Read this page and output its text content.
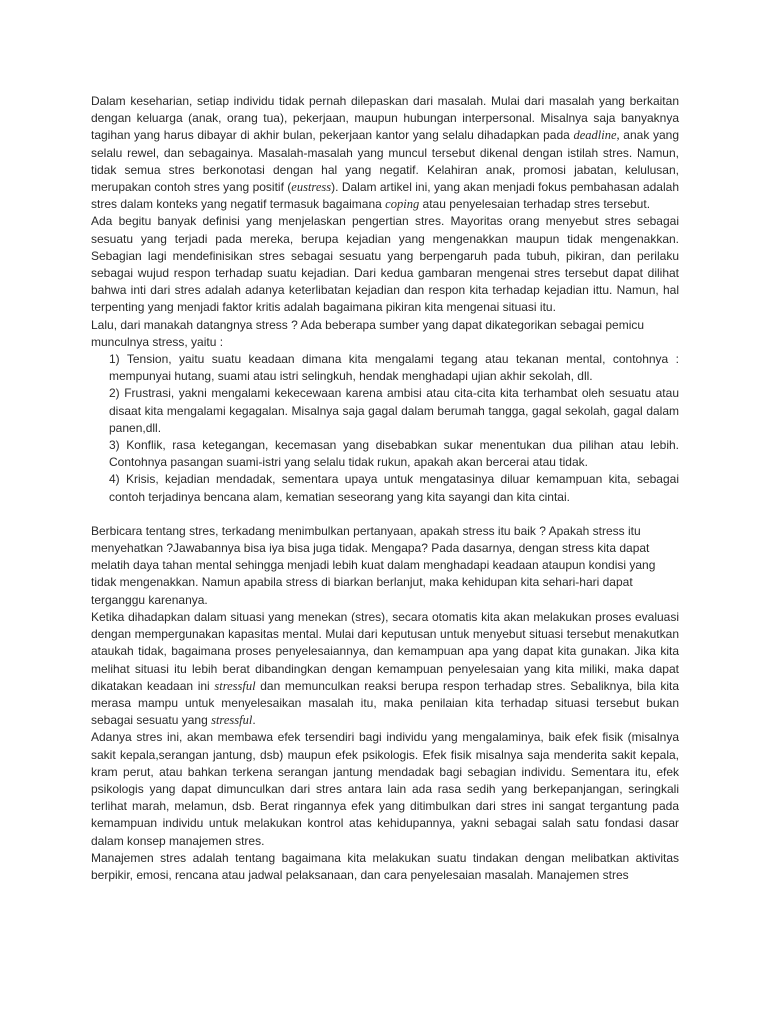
Dalam keseharian, setiap individu tidak pernah dilepaskan dari masalah. Mulai dari masalah yang berkaitan dengan keluarga (anak, orang tua), pekerjaan, maupun hubungan interpersonal. Misalnya saja banyaknya tagihan yang harus dibayar di akhir bulan, pekerjaan kantor yang selalu dihadapkan pada deadline, anak yang selalu rewel, dan sebagainya. Masalah-masalah yang muncul tersebut dikenal dengan istilah stres. Namun, tidak semua stres berkonotasi dengan hal yang negatif. Kelahiran anak, promosi jabatan, kelulusan, merupakan contoh stres yang positif (eustress). Dalam artikel ini, yang akan menjadi fokus pembahasan adalah stres dalam konteks yang negatif termasuk bagaimana coping atau penyelesaian terhadap stres tersebut.

Ada begitu banyak definisi yang menjelaskan pengertian stres. Mayoritas orang menyebut stres sebagai sesuatu yang terjadi pada mereka, berupa kejadian yang mengenakkan maupun tidak mengenakkan. Sebagian lagi mendefinisikan stres sebagai sesuatu yang berpengaruh pada tubuh, pikiran, dan perilaku sebagai wujud respon terhadap suatu kejadian. Dari kedua gambaran mengenai stres tersebut dapat dilihat bahwa inti dari stres adalah adanya keterlibatan kejadian dan respon kita terhadap kejadian ittu. Namun, hal terpenting yang menjadi faktor kritis adalah bagaimana pikiran kita mengenai situasi itu.

Lalu, dari manakah datangnya stress ? Ada beberapa sumber yang dapat dikategorikan sebagai pemicu munculnya stress, yaitu :

1) Tension, yaitu suatu keadaan dimana kita mengalami tegang atau tekanan mental, contohnya : mempunyai hutang, suami atau istri selingkuh, hendak menghadapi ujian akhir sekolah, dll.
2) Frustrasi, yakni mengalami kekecewaan karena ambisi atau cita-cita kita terhambat oleh sesuatu atau disaat kita mengalami kegagalan. Misalnya saja gagal dalam berumah tangga, gagal sekolah, gagal dalam panen,dll.
3) Konflik, rasa ketegangan, kecemasan yang disebabkan sukar menentukan dua pilihan atau lebih. Contohnya pasangan suami-istri yang selalu tidak rukun, apakah akan bercerai atau tidak.
4) Krisis, kejadian mendadak, sementara upaya untuk mengatasinya diluar kemampuan kita, sebagai contoh terjadinya bencana alam, kematian seseorang yang kita sayangi dan kita cintai.

Berbicara tentang stres, terkadang menimbulkan pertanyaan, apakah stress itu baik ? Apakah stress itu menyehatkan ?Jawabannya bisa iya bisa juga tidak. Mengapa? Pada dasarnya, dengan stress kita dapat melatih daya tahan mental sehingga menjadi lebih kuat dalam menghadapi keadaan ataupun kondisi yang tidak mengenakkan. Namun apabila stress di biarkan berlanjut, maka kehidupan kita sehari-hari dapat terganggu karenanya.

Ketika dihadapkan dalam situasi yang menekan (stres), secara otomatis kita akan melakukan proses evaluasi dengan mempergunakan kapasitas mental. Mulai dari keputusan untuk menyebut situasi tersebut menakutkan ataukah tidak, bagaimana proses penyelesaiannya, dan kemampuan apa yang dapat kita gunakan. Jika kita melihat situasi itu lebih berat dibandingkan dengan kemampuan penyelesaian yang kita miliki, maka dapat dikatakan keadaan ini stressful dan memunculkan reaksi berupa respon terhadap stres. Sebaliknya, bila kita merasa mampu untuk menyelesaikan masalah itu, maka penilaian kita terhadap situasi tersebut bukan sebagai sesuatu yang stressful.

Adanya stres ini, akan membawa efek tersendiri bagi individu yang mengalaminya, baik efek fisik (misalnya sakit kepala,serangan jantung, dsb) maupun efek psikologis. Efek fisik misalnya saja menderita sakit kepala, kram perut, atau bahkan terkena serangan jantung mendadak bagi sebagian individu. Sementara itu, efek psikologis yang dapat dimunculkan dari stres antara lain ada rasa sedih yang berkepanjangan, seringkali terlihat marah, melamun, dsb. Berat ringannya efek yang ditimbulkan dari stres ini sangat tergantung pada kemampuan individu untuk melakukan kontrol atas kehidupannya, yakni sebagai salah satu fondasi dasar dalam konsep manajemen stres.

Manajemen stres adalah tentang bagaimana kita melakukan suatu tindakan dengan melibatkan aktivitas berpikir, emosi, rencana atau jadwal pelaksanaan, dan cara penyelesaian masalah. Manajemen stres
